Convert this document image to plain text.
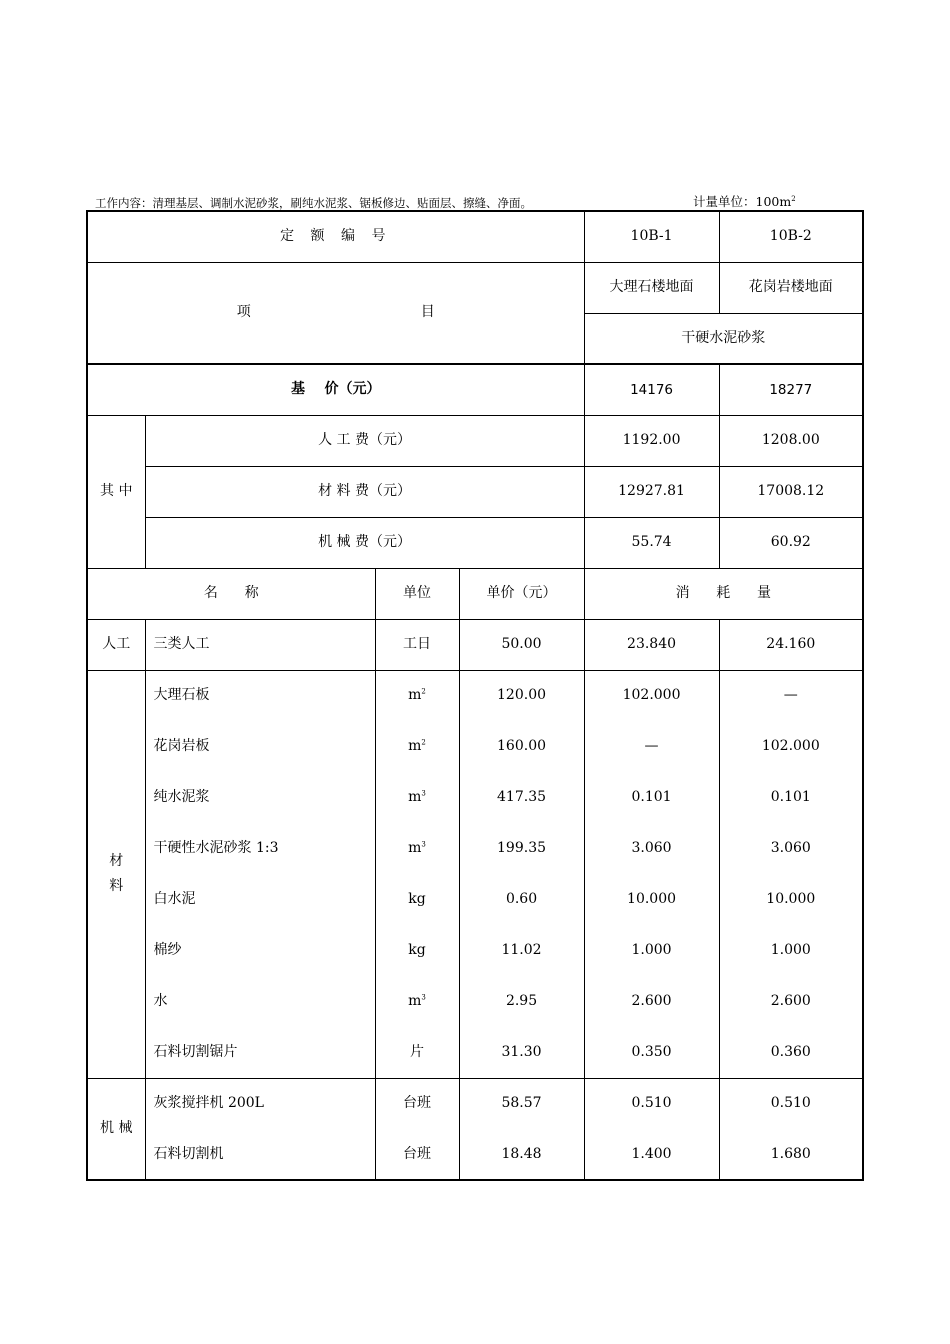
工作内容：清理基层、调制水泥砂浆，刷纯水泥浆、锯板修边、贴面层、擦缝、净面。	计量单位：$100m^2$
定 额 编 号				10B-1	10B-2
项 目				大理石楼地面	花岗岩楼地面
				干硬水泥砂浆	
基    价（元）				14176	18277
其 中	人 工 费（元）			1192.00	1208.00
	材 料 费（元）			12927.81	17008.12
	机 械 费（元）			55.74	60.92
名      称		单位	单价（元）	消      耗      量	
人工	三类人工	工日	50.00	23.840	24.160
材 料	大理石板	$m^2$	120.00	102.000	—
	花岗岩板	$m^2$	160.00	—	102.000
	纯水泥浆	$m^3$	417.35	0.101	0.101
	干硬性水泥砂浆 1:3	$m^3$	199.35	3.060	3.060
	白水泥	kg	0.60	10.000	10.000
	棉纱	kg	11.02	1.000	1.000
	水	$m^3$	2.95	2.600	2.600
	石料切割锯片	片	31.30	0.350	0.360
机 械	灰浆搅拌机 200L	台班	58.57	0.510	0.510
	石料切割机	台班	18.48	1.400	1.680
